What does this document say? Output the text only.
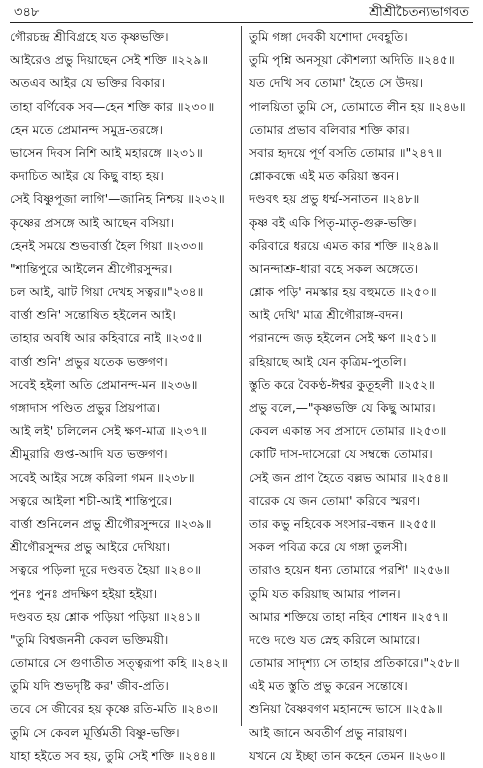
৩৪৮	শ্রীশ্রীচৈতন্যভাগবত
গৌরচন্দ্র শ্রীবিগ্রহে যত কৃষ্ণভক্তি।
আইরেও প্রভু দিয়াছেন সেই শক্তি ॥২২৯॥
অতএব আইর যে ভক্তির বিকার।
তাহা বর্ণিবেক সব—হেন শক্তি কার ॥২৩০॥
হেন মতে প্রেমানন্দ সমুদ্র-তরঙ্গে।
ভাসেন দিবস নিশি আই মহারঙ্গে ॥২৩১॥
কদাচিত আইর যে কিছু বাহ্য হয়।
সেই বিষ্ণুপূজা লাগি'—জানিহ নিশ্চয় ॥২৩২॥
কৃষ্ণের প্রসঙ্গে আই আছেন বসিয়া।
হেনই সময়ে শুভবার্ত্তা হৈল গিয়া ॥২৩৩॥
"শান্তিপুরে আইলেন শ্রীগৌরসুন্দর।
চল আই, ঝাট গিয়া দেখহ সত্বর॥"২৩৪॥
বার্ত্তা শুনি' সন্তোষিত হইলেন আই।
তাহার অবধি আর কহিবারে নাই ॥২৩৫॥
বার্ত্তা শুনি' প্রভুর যতেক ভক্তগণ।
সবেই হইলা অতি প্রেমানন্দ-মন ॥২৩৬॥
গঙ্গাদাস পণ্ডিত প্রভুর প্রিয়পাত্র।
আই লই' চলিলেন সেই ক্ষণ-মাত্র ॥২৩৭॥
শ্রীমুরারি গুপ্ত-আদি যত ভক্তগণ।
সবেই আইর সঙ্গে করিলা গমন ॥২৩৮॥
সত্বরে আইলা শচী-আই শান্তিপুরে।
বার্ত্তা শুনিলেন প্রভু শ্রীগৌরসুন্দরে ॥২৩৯॥
শ্রীগৌরসুন্দর প্রভু আইরে দেখিয়া।
সত্বরে পড়িলা দূরে দণ্ডবত হৈয়া ॥২৪০॥
পুনঃ পুনঃ প্রদক্ষিণ হইয়া হইয়া।
দণ্ডবত হয় শ্লোক পড়িয়া পড়িয়া ॥২৪১॥
"তুমি বিশ্বজননী কেবল ভক্তিময়ী।
তোমারে সে গুণাতীত সত্ত্বরূপা কহি ॥২৪২॥
তুমি যদি শুভদৃষ্টি কর' জীব-প্রতি।
তবে সে জীবের হয় কৃষ্ণে রতি-মতি ॥২৪৩॥
তুমি সে কেবল মূর্ত্তিমতী বিষ্ণু-ভক্তি।
যাহা হইতে সব হয়, তুমি সেই শক্তি ॥২৪৪॥
তুমি গঙ্গা দেবকী যশোদা দেবহূতি।
তুমি পৃশ্নি অনসূয়া কৌশল্যা অদিতি ॥২৪৫॥
যত দেখি সব তোমা' হৈতে সে উদয়।
পালয়িতা তুমি সে, তোমাতে লীন হয় ॥২৪৬॥
তোমার প্রভাব বলিবার শক্তি কার।
সবার হৃদয়ে পূর্ণ বসতি তোমার ॥"২৪৭॥
শ্লোকবন্ধে এই মত করিয়া স্তবন।
দণ্ডবৎ হয় প্রভু ধর্ম্ম-সনাতন ॥২৪৮॥
কৃষ্ণ বই একি পিতৃ-মাতৃ-গুরু-ভক্তি।
করিবারে ধরয়ে এমত কার শক্তি ॥২৪৯॥
আনন্দাশ্রু-ধারা বহে সকল অঙ্গেতে।
শ্লোক পড়ি' নমস্কার হয় বহুমতে ॥২৫০॥
আই দেখি' মাত্র শ্রীগৌরাঙ্গ-বদন।
পরানন্দে জড় হইলেন সেই ক্ষণ ॥২৫১॥
রহিয়াছে আই যেন কৃত্রিম-পুতলি।
স্তুতি করে বৈকণ্ঠ-ঈশ্বর কুতূহলী ॥২৫২॥
প্রভু বলে,—"কৃষ্ণভক্তি যে কিছু আমার।
কেবল একান্ত সব প্রসাদে তোমার ॥২৫৩॥
কোটি দাস-দাসেরো যে সম্বন্ধে তোমার।
সেই জন প্রাণ হৈতে বল্লভ আমার ॥২৫৪॥
বারেক যে জন তোমা' করিবে স্মরণ।
তার কভু নহিবেক সংসার-বন্ধন ॥২৫৫॥
সকল পবিত্র করে যে গঙ্গা তুলসী।
তারাও হয়েন ধন্য তোমারে পরশি' ॥২৫৬॥
তুমি যত করিয়াছ আমার পালন।
আমার শক্তিয়ে তাহা নহিব শোধন ॥২৫৭॥
দণ্ডে দণ্ডে যত স্নেহ করিলে আমারে।
তোমার সাদৃশ্য্য সে তাহার প্রতিকারে।"২৫৮॥
এই মত স্তুতি প্রভু করেন সন্তোষে।
শুনিয়া বৈষ্ণবগণ মহানন্দে ভাসে ॥২৫৯॥
আই জানে অবতীর্ণ প্রভু নারায়ণ।
যখনে যে ইচ্ছা তান কহেন তেমন ॥২৬০॥
